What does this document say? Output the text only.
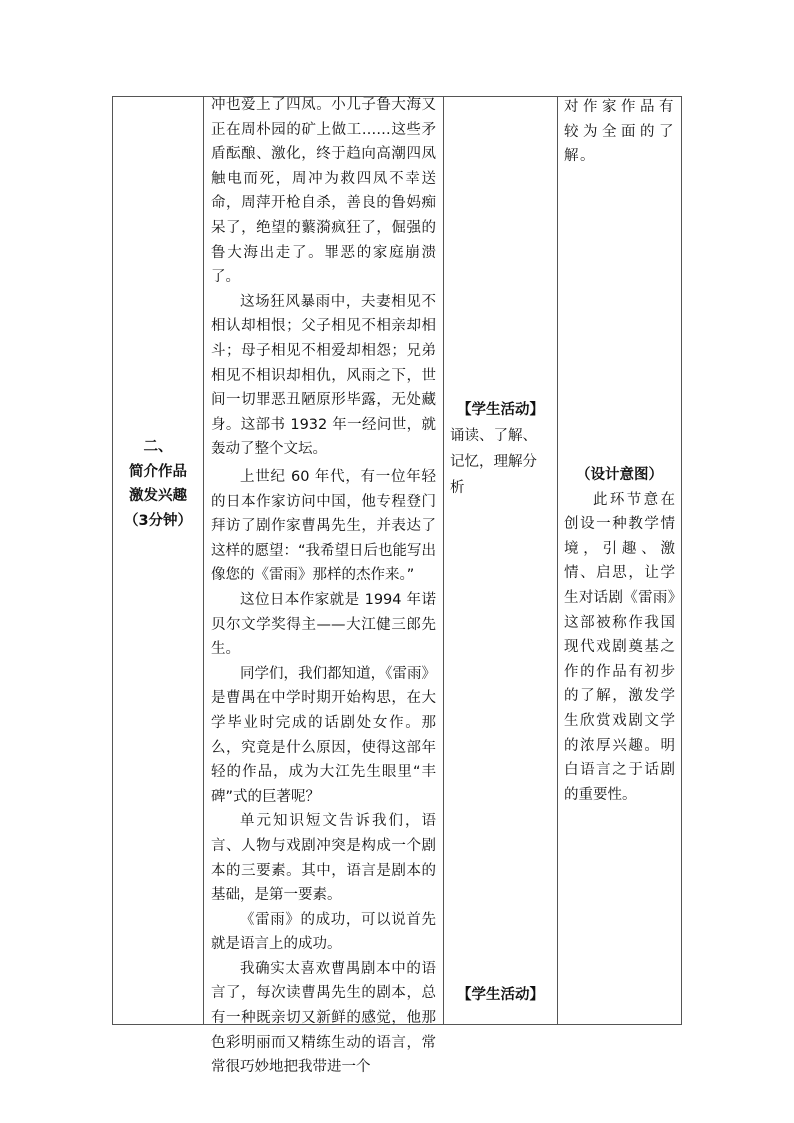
二、

简介作品

激发兴趣

（3分钟）

冲也爱上了四凤。小儿子鲁大海又正在周朴园的矿上做工……这些矛盾酝酿、激化，终于趋向高潮四凤触电而死，周冲为救四凤不幸送命，周萍开枪自杀，善良的鲁妈痴呆了，绝望的蘩漪疯狂了，倔强的鲁大海出走了。罪恶的家庭崩溃了。

这场狂风暴雨中，夫妻相见不相认却相恨；父子相见不相亲却相斗；母子相见不相爱却相怨；兄弟相见不相识却相仇，风雨之下，世间一切罪恶丑陋原形毕露，无处藏身。这部书 1932 年一经问世，就轰动了整个文坛。

上世纪 60 年代，有一位年轻的日本作家访问中国，他专程登门拜访了剧作家曹禺先生，并表达了这样的愿望：“我希望日后也能写出像您的《雷雨》那样的杰作来。”

这位日本作家就是 1994 年诺贝尔文学奖得主——大江健三郎先生。

同学们，我们都知道，《雷雨》是曹禺在中学时期开始构思，在大学毕业时完成的话剧处女作。那么，究竟是什么原因，使得这部年轻的作品，成为大江先生眼里“丰碑”式的巨著呢？

单元知识短文告诉我们，语言、人物与戏剧冲突是构成一个剧本的三要素。其中，语言是剧本的基础，是第一要素。

《雷雨》的成功，可以说首先就是语言上的成功。

我确实太喜欢曹禺剧本中的语言了，每次读曹禺先生的剧本，总有一种既亲切又新鲜的感觉，他那色彩明丽而又精练生动的语言，常常很巧妙地把我带进一个

【学生活动】

诵读、了解、记忆，理解分析

【学生活动】

对作家作品有较为全面的了解。

（设计意图）

此环节意在创设一种教学情境，引趣、激情、启思，让学生对话剧《雷雨》这部被称作我国现代戏剧奠基之作的作品有初步的了解，激发学生欣赏戏剧文学的浓厚兴趣。明白语言之于话剧的重要性。
